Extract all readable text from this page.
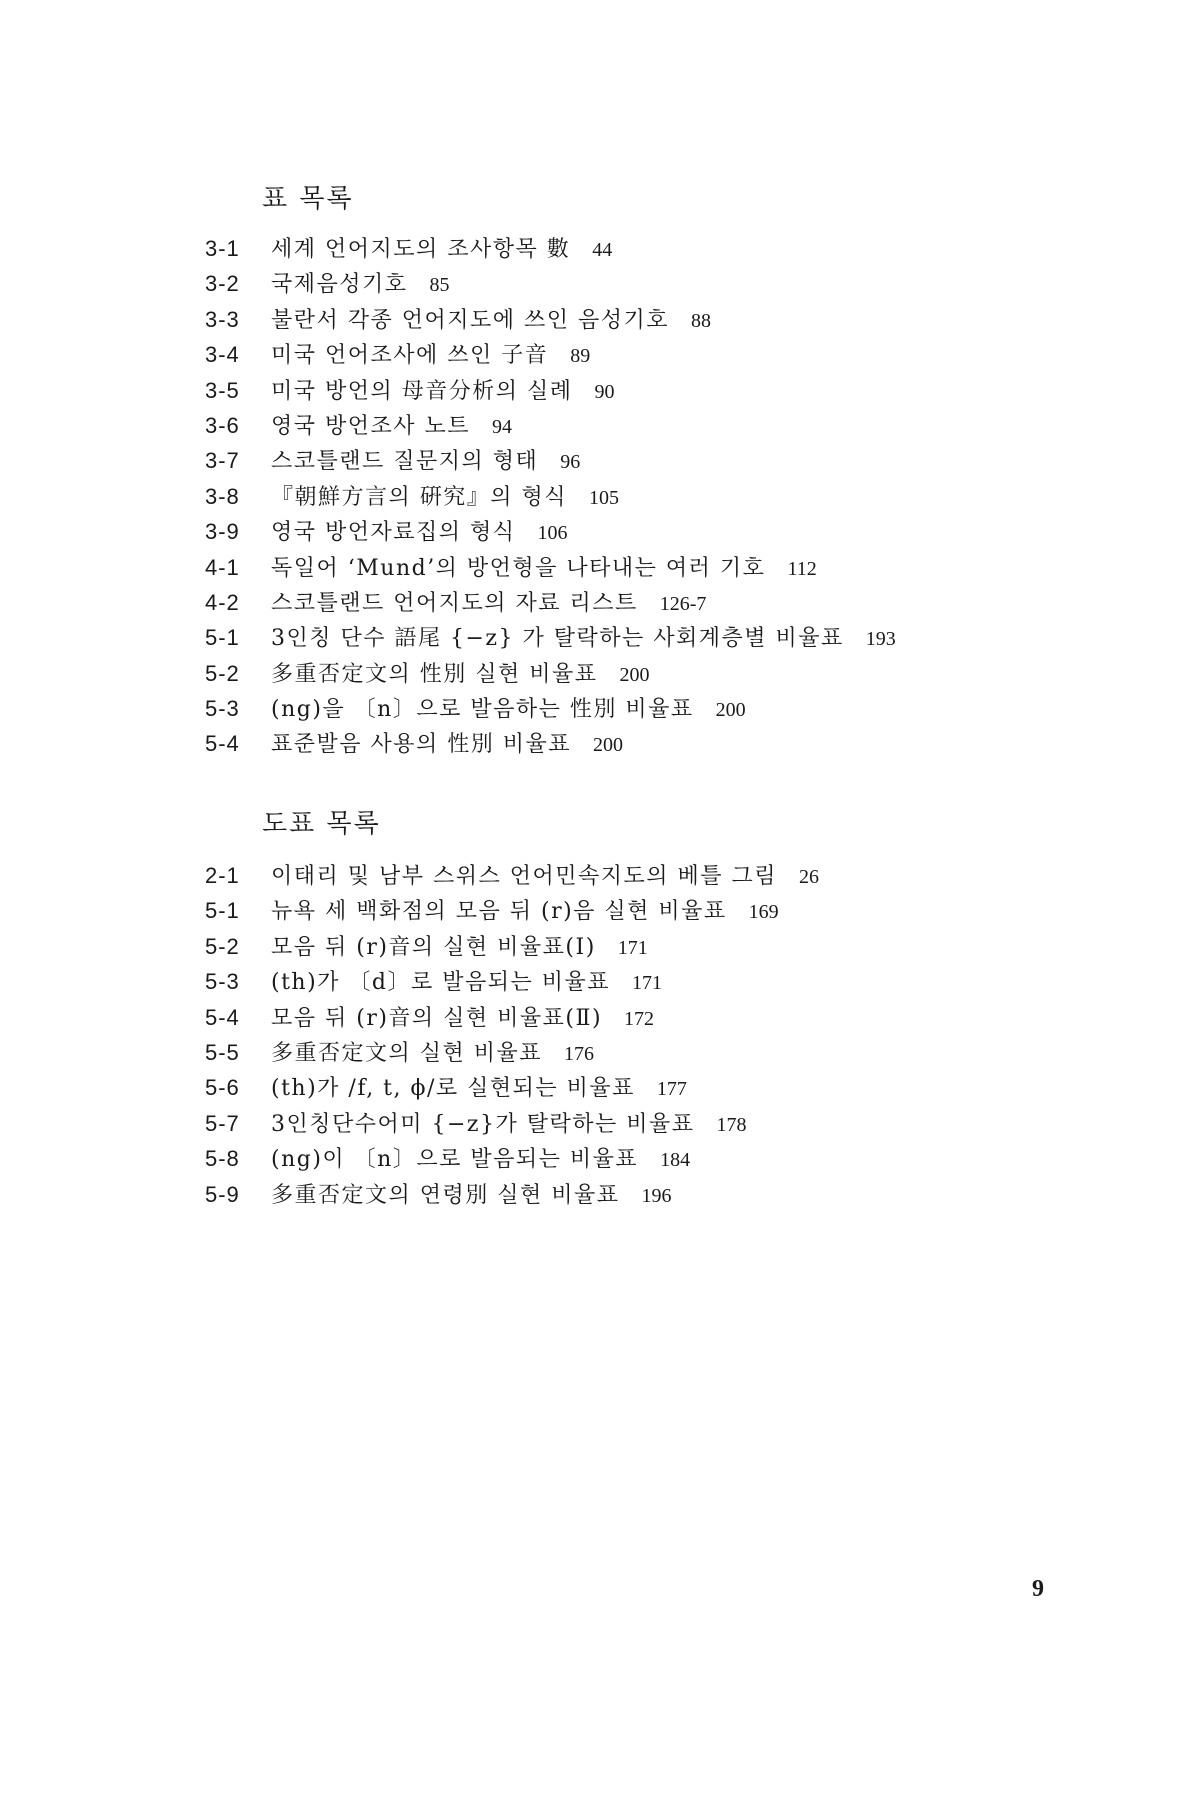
표 목록
3-1	세계 언어지도의 조사항목 數 44
3-2	국제음성기호 85
3-3	불란서 각종 언어지도에 쓰인 음성기호 88
3-4	미국 언어조사에 쓰인 子音 89
3-5	미국 방언의 母音分析의 실례 90
3-6	영국 방언조사 노트 94
3-7	스코틀랜드 질문지의 형태 96
3-8	『朝鮮方言의 硏究』의 형식 105
3-9	영국 방언자료집의 형식 106
4-1	독일어 ‘Mund’의 방언형을 나타내는 여러 기호 112
4-2	스코틀랜드 언어지도의 자료 리스트 126-7
5-1	3인칭 단수 語尾 {−z} 가 탈락하는 사회계층별 비율표 193
5-2	多重否定文의 性別 실현 비율표 200
5-3	(ng)을 〔n〕으로 발음하는 性別 비율표 200
5-4	표준발음 사용의 性別 비율표 200
도표 목록
2-1	이태리 및 남부 스위스 언어민속지도의 베틀 그림 26
5-1	뉴욕 세 백화점의 모음 뒤 (r)음 실현 비율표 169
5-2	모음 뒤 (r)音의 실현 비율표(Ⅰ) 171
5-3	(th)가 〔d〕로 발음되는 비율표 171
5-4	모음 뒤 (r)音의 실현 비율표(Ⅱ) 172
5-5	多重否定文의 실현 비율표 176
5-6	(th)가 /f, t, ϕ/로 실현되는 비율표 177
5-7	3인칭단수어미 {−z}가 탈락하는 비율표 178
5-8	(ng)이 〔n〕으로 발음되는 비율표 184
5-9	多重否定文의 연령別 실현 비율표 196
9
